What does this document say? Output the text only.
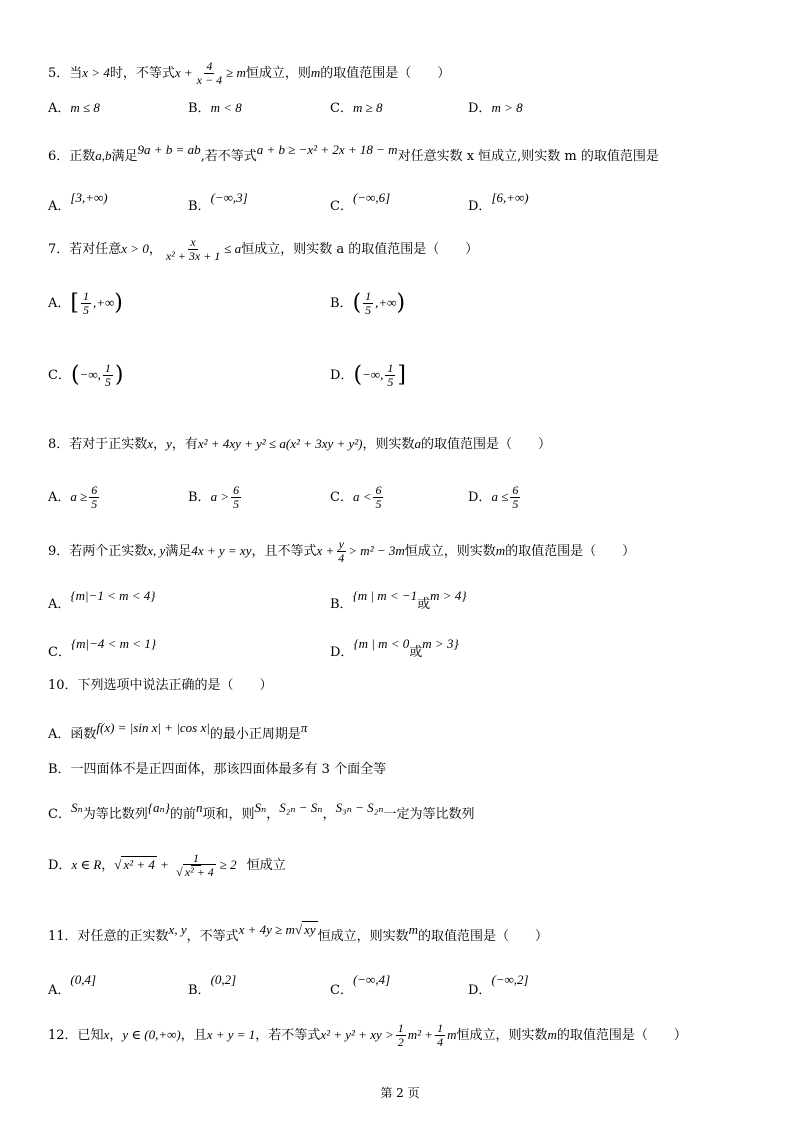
5．当x > 4时，不等式$x + \frac{4}{x - 4} \ge m$恒成立，则m的取值范围是（　　）
A．m ≤ 8	B．m < 8	C．m ≥ 8	D．m > 8
6．正数a,b满足9a + b = ab,若不等式a + b ≥ −x² + 2x + 18 − m对任意实数 x 恒成立,则实数 m 的取值范围是
A．[3,+∞)
B．(−∞,3]
C．(−∞,6]
D．[6,+∞)
7．若对任意x > 0， $\frac{x}{\text{x² + 3x + 1}} \le a$恒成立，则实数 a 的取值范围是（　　）
A．[ $\frac{1}{5}$ ,+∞)	B．( $\frac{1}{5}$ ,+∞)
C．(−∞, $\frac{1}{5}$ )	D．(−∞, $\frac{1}{5}$ ]
8．若对于正实数x，y，有x² + 4xy + y² ≤ a(x² + 3xy + y²)，则实数a的取值范围是（　　）
A．$a \ge \frac{6}{5}$	B．$a > \frac{6}{5}$	C．$a < \frac{6}{5}$	D．$a \le \frac{6}{5}$
9．若两个正实数x, y满足4x + y = xy，且不等式$x + \frac{y}{4} > m^2 - 3m$恒成立，则实数m的取值范围是（　　）
A．{m|−1 < m < 4}
B．{m | m < −1或m > 4}
C．{m|−4 < m < 1}
D．{m | m < 0或m > 3}
10．下列选项中说法正确的是（　　）
A．函数f(x) = |sin x| + |cos x|的最小正周期是π
B．一四面体不是正四面体，那该四面体最多有 3 个面全等
C．Sₙ为等比数列{aₙ}的前n项和，则Sₙ，S₂ₙ − Sₙ，S₃ₙ − S₂ₙ一定为等比数列
D．x ∈ R，√ $x^2 + 4 + \frac{1}{\text{√ x² + 4}} \ge 2$ 恒成立
11．对任意的正实数x, y，不等式x + 4y ≥ m√ xy 恒成立，则实数m的取值范围是（　　）
A．(0,4]
B．(0,2]
C．(−∞,4]
D．(−∞,2]
12．已知x，y ∈ (0,+∞)，且x + y = 1，若不等式x² + y² + xy > $\frac{1}{2} m^2 + \frac{1}{4}$ m恒成立，则实数m的取值范围是（　　）
第 2 页
